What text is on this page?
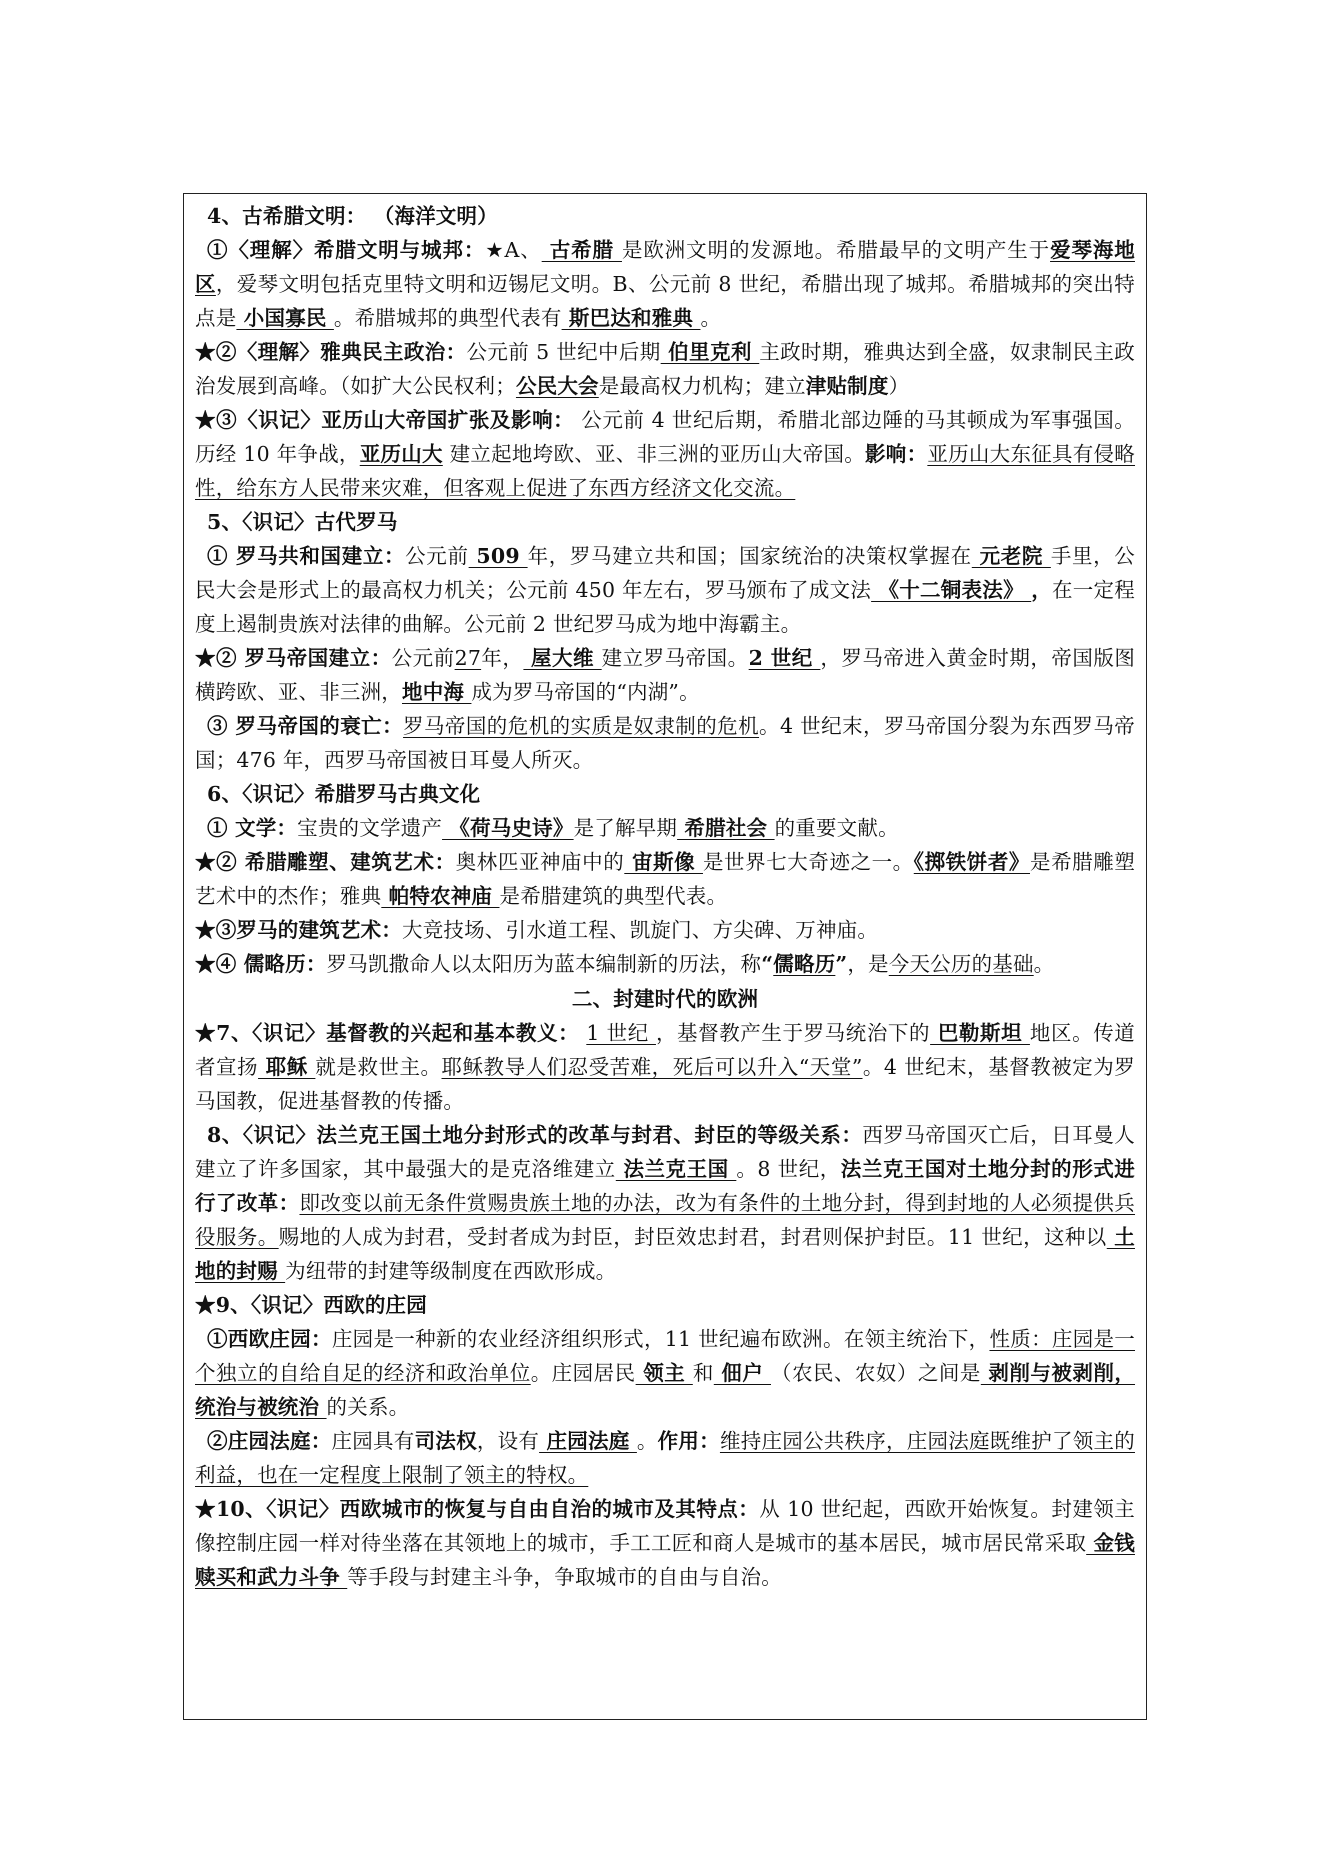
4、古希腊文明： （海洋文明）

①〈理解〉希腊文明与城邦：★A、 古希腊 是欧洲文明的发源地。希腊最早的文明产生于爱琴海地区，爱琴文明包括克里特文明和迈锡尼文明。B、公元前 8 世纪，希腊出现了城邦。希腊城邦的突出特点是 小国寡民 。希腊城邦的典型代表有 斯巴达和雅典 。

★②〈理解〉雅典民主政治：公元前 5 世纪中后期 伯里克利 主政时期，雅典达到全盛，奴隶制民主政治发展到高峰。（如扩大公民权利；公民大会是最高权力机构；建立津贴制度）

★③〈识记〉亚历山大帝国扩张及影响： 公元前 4 世纪后期，希腊北部边陲的马其顿成为军事强国。历经 10 年争战，亚历山大 建立起地垮欧、亚、非三洲的亚历山大帝国。影响：亚历山大东征具有侵略性，给东方人民带来灾难，但客观上促进了东西方经济文化交流。

5、〈识记〉古代罗马

① 罗马共和国建立：公元前 509 年，罗马建立共和国；国家统治的决策权掌握在 元老院 手里，公民大会是形式上的最高权力机关；公元前 450 年左右，罗马颁布了成文法 《十二铜表法》 ，在一定程度上遏制贵族对法律的曲解。公元前 2 世纪罗马成为地中海霸主。

★② 罗马帝国建立：公元前27年， 屋大维 建立罗马帝国。2 世纪 ，罗马帝进入黄金时期，帝国版图横跨欧、亚、非三洲，地中海 成为罗马帝国的“内湖”。

③ 罗马帝国的衰亡：罗马帝国的危机的实质是奴隶制的危机。4 世纪末，罗马帝国分裂为东西罗马帝国；476 年，西罗马帝国被日耳曼人所灭。

6、〈识记〉希腊罗马古典文化

① 文学：宝贵的文学遗产 《荷马史诗》是了解早期 希腊社会 的重要文献。

★② 希腊雕塑、建筑艺术：奥林匹亚神庙中的 宙斯像 是世界七大奇迹之一。《掷铁饼者》是希腊雕塑艺术中的杰作；雅典 帕特农神庙 是希腊建筑的典型代表。

★③罗马的建筑艺术：大竞技场、引水道工程、凯旋门、方尖碑、万神庙。

★④ 儒略历：罗马凯撒命人以太阳历为蓝本编制新的历法，称“儒略历”，是今天公历的基础。

二、封建时代的欧洲

★7、〈识记〉基督教的兴起和基本教义： 1 世纪 ，基督教产生于罗马统治下的 巴勒斯坦 地区。传道者宣扬 耶稣 就是救世主。耶稣教导人们忍受苦难，死后可以升入“天堂”。4 世纪末，基督教被定为罗马国教，促进基督教的传播。

8、〈识记〉法兰克王国土地分封形式的改革与封君、封臣的等级关系：西罗马帝国灭亡后，日耳曼人建立了许多国家，其中最强大的是克洛维建立 法兰克王国 。8 世纪，法兰克王国对土地分封的形式进行了改革：即改变以前无条件赏赐贵族土地的办法，改为有条件的土地分封，得到封地的人必须提供兵役服务。赐地的人成为封君，受封者成为封臣，封臣效忠封君，封君则保护封臣。11 世纪，这种以 土地的封赐 为纽带的封建等级制度在西欧形成。

★9、〈识记〉西欧的庄园

①西欧庄园：庄园是一种新的农业经济组织形式，11 世纪遍布欧洲。在领主统治下，性质：庄园是一个独立的自给自足的经济和政治单位。庄园居民 领主 和 佃户 （农民、农奴）之间是 剥削与被剥削，统治与被统治 的关系。

②庄园法庭：庄园具有司法权，设有 庄园法庭 。作用：维持庄园公共秩序，庄园法庭既维护了领主的利益，也在一定程度上限制了领主的特权。

★10、〈识记〉西欧城市的恢复与自由自治的城市及其特点：从 10 世纪起，西欧开始恢复。封建领主像控制庄园一样对待坐落在其领地上的城市，手工工匠和商人是城市的基本居民，城市居民常采取 金钱赎买和武力斗争 等手段与封建主斗争，争取城市的自由与自治。
